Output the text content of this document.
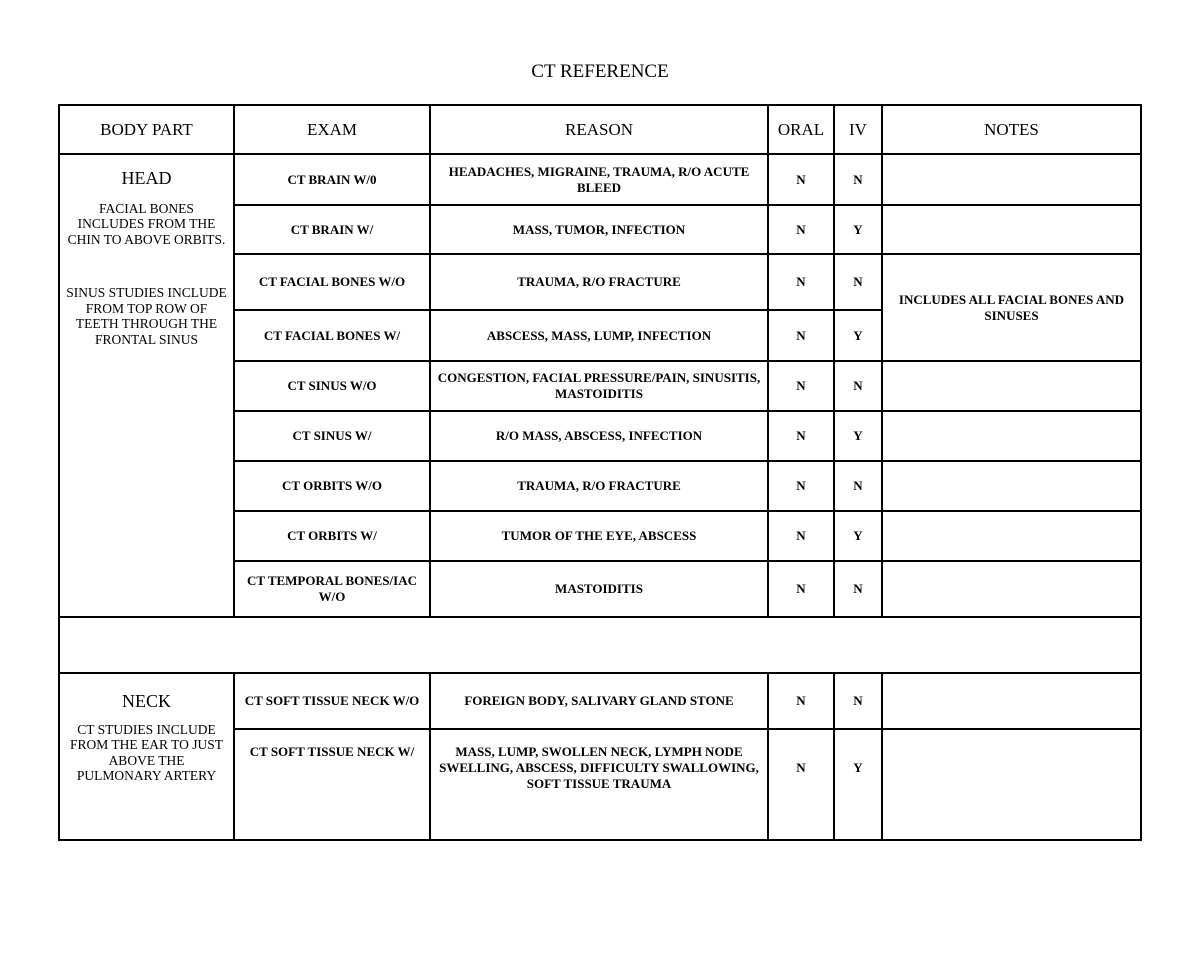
CT REFERENCE
BODY PART	EXAM	REASON	ORAL	IV	NOTES

HEAD
FACIAL BONES INCLUDES FROM THE CHIN TO ABOVE ORBITS.
SINUS STUDIES INCLUDE FROM TOP ROW OF TEETH THROUGH THE FRONTAL SINUS	CT BRAIN W/0	HEADACHES, MIGRAINE, TRAUMA, R/O ACUTE BLEED	N	N	
	CT BRAIN W/	MASS, TUMOR, INFECTION	N	Y	
	CT FACIAL BONES W/O	TRAUMA, R/O FRACTURE	N	N	INCLUDES ALL FACIAL BONES AND SINUSES
	CT FACIAL BONES W/	ABSCESS, MASS, LUMP, INFECTION	N	Y	
	CT SINUS W/O	CONGESTION, FACIAL PRESSURE/PAIN, SINUSITIS, MASTOIDITIS	N	N	
	CT SINUS W/	R/O MASS, ABSCESS, INFECTION	N	Y	
	CT ORBITS W/O	TRAUMA, R/O FRACTURE	N	N	
	CT ORBITS W/	TUMOR OF THE EYE, ABSCESS	N	Y	
	CT TEMPORAL BONES/IAC W/O	MASTOIDITIS	N	N	

NECK
CT STUDIES INCLUDE FROM THE EAR TO JUST ABOVE THE PULMONARY ARTERY	CT SOFT TISSUE NECK W/O	FOREIGN BODY, SALIVARY GLAND STONE	N	N	
	CT SOFT TISSUE NECK W/	MASS, LUMP, SWOLLEN NECK, LYMPH NODE SWELLING, ABSCESS, DIFFICULTY SWALLOWING, SOFT TISSUE TRAUMA	N	Y	
